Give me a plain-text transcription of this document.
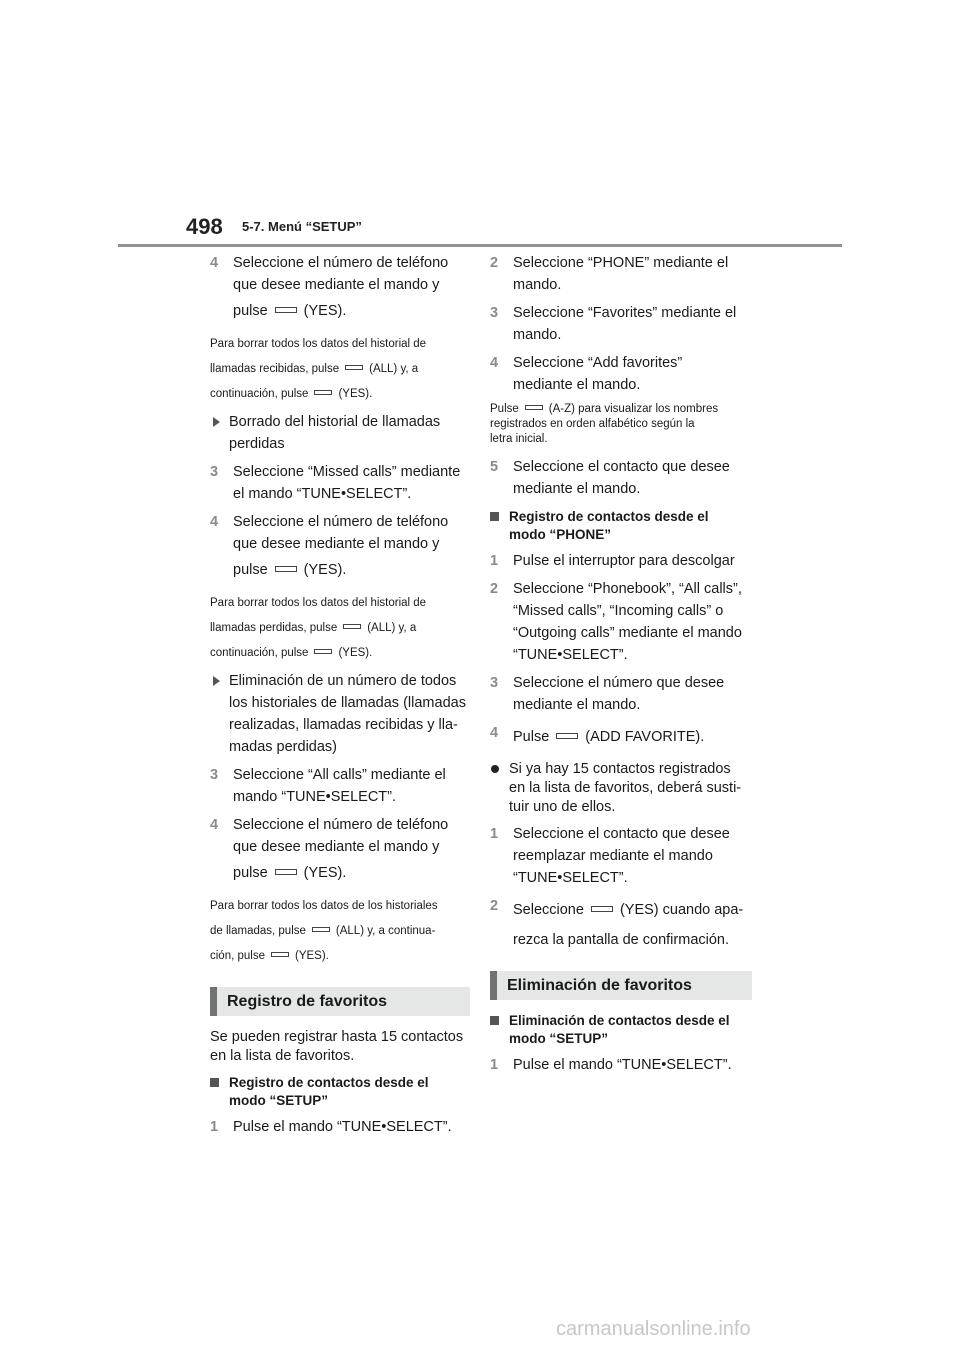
498 5-7. Menú “SETUP”
4 Seleccione el número de teléfono
que desee mediante el mando y
pulse (YES).
Para borrar todos los datos del historial de
llamadas recibidas, pulse	(ALL) y, a
continuación, pulse	(YES).
Borrado del historial de llamadas
perdidas
3 Seleccione “Missed calls” mediante
el mando “TUNE•SELECT”.
4 Seleccione el número de teléfono
que desee mediante el mando y
pulse (YES).
Para borrar todos los datos del historial de
llamadas perdidas, pulse	(ALL) y, a
continuación, pulse	(YES).
Eliminación de un número de todos
los historiales de llamadas (llamadas
realizadas, llamadas recibidas y lla-
madas perdidas)
3 Seleccione “All calls” mediante el
mando “TUNE•SELECT”.
4 Seleccione el número de teléfono
que desee mediante el mando y
pulse (YES).
Para borrar todos los datos de los historiales
de llamadas, pulse	(ALL) y, a continua-
ción, pulse	(YES).
Registro de favoritos
Se pueden registrar hasta 15 contactos
en la lista de favoritos.
Registro de contactos desde el
modo “SETUP”
1 Pulse el mando “TUNE•SELECT”.
2 Seleccione “PHONE” mediante el
mando.
3 Seleccione “Favorites” mediante el
mando.
4 Seleccione “Add favorites”
mediante el mando.
Pulse	(A-Z) para visualizar los nombres
registrados en orden alfabético según la
letra inicial.
5 Seleccione el contacto que desee
mediante el mando.
Registro de contactos desde el
modo “PHONE”
1 Pulse el interruptor para descolgar
2 Seleccione “Phonebook”, “All calls”,
“Missed calls”, “Incoming calls” o
“Outgoing calls” mediante el mando
“TUNE•SELECT”.
3 Seleccione el número que desee
mediante el mando.
4 Pulse (ADD FAVORITE).
Si ya hay 15 contactos registrados
en la lista de favoritos, deberá susti-
tuir uno de ellos.
1 Seleccione el contacto que desee
reemplazar mediante el mando
“TUNE•SELECT”.
2 Seleccione (YES) cuando apa-
rezca la pantalla de confirmación.
Eliminación de favoritos
Eliminación de contactos desde el
modo “SETUP”
1 Pulse el mando “TUNE•SELECT”.
carmanualsonline.info
